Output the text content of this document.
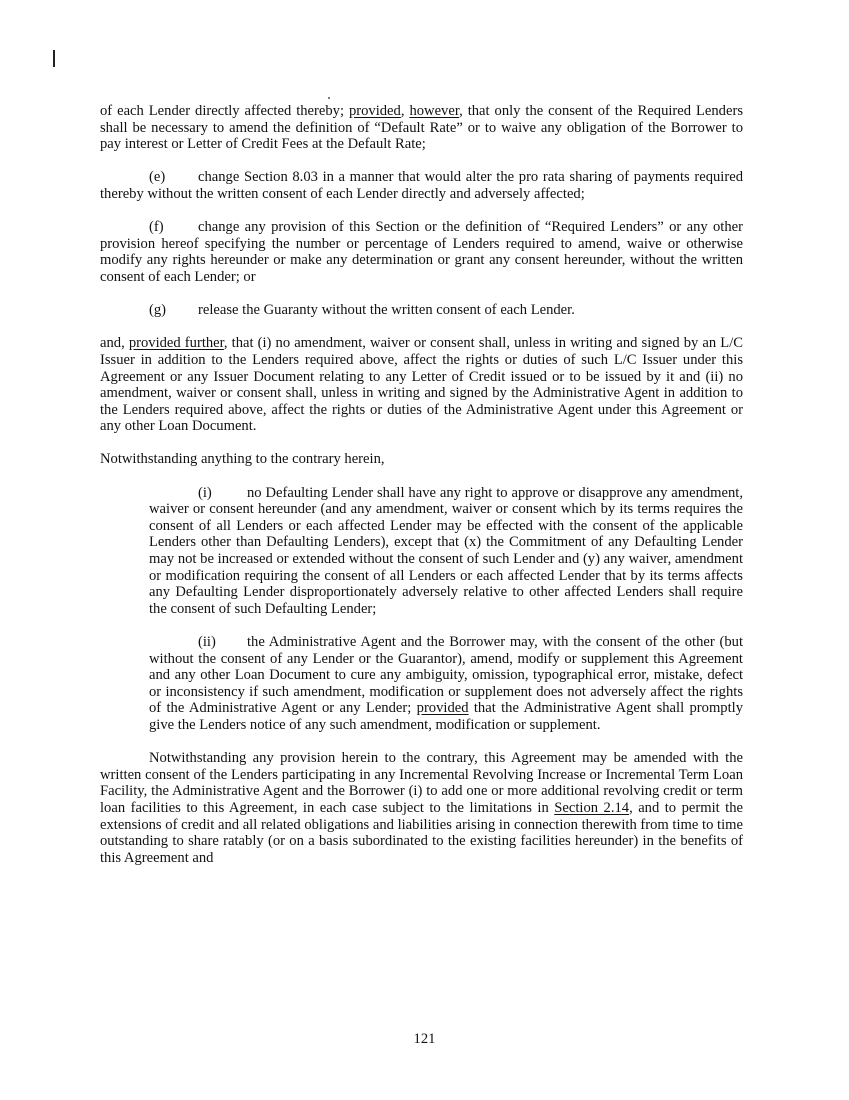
of each Lender directly affected thereby; provided, however, that only the consent of the Required Lenders shall be necessary to amend the definition of “Default Rate” or to waive any obligation of the Borrower to pay interest or Letter of Credit Fees at the Default Rate;

(e) change Section 8.03 in a manner that would alter the pro rata sharing of payments required thereby without the written consent of each Lender directly and adversely affected;

(f) change any provision of this Section or the definition of “Required Lenders” or any other provision hereof specifying the number or percentage of Lenders required to amend, waive or otherwise modify any rights hereunder or make any determination or grant any consent hereunder, without the written consent of each Lender; or

(g) release the Guaranty without the written consent of each Lender.

and, provided further, that (i) no amendment, waiver or consent shall, unless in writing and signed by an L/C Issuer in addition to the Lenders required above, affect the rights or duties of such L/C Issuer under this Agreement or any Issuer Document relating to any Letter of Credit issued or to be issued by it and (ii) no amendment, waiver or consent shall, unless in writing and signed by the Administrative Agent in addition to the Lenders required above, affect the rights or duties of the Administrative Agent under this Agreement or any other Loan Document.

Notwithstanding anything to the contrary herein,

(i) no Defaulting Lender shall have any right to approve or disapprove any amendment, waiver or consent hereunder (and any amendment, waiver or consent which by its terms requires the consent of all Lenders or each affected Lender may be effected with the consent of the applicable Lenders other than Defaulting Lenders), except that (x) the Commitment of any Defaulting Lender may not be increased or extended without the consent of such Lender and (y) any waiver, amendment or modification requiring the consent of all Lenders or each affected Lender that by its terms affects any Defaulting Lender disproportionately adversely relative to other affected Lenders shall require the consent of such Defaulting Lender;

(ii) the Administrative Agent and the Borrower may, with the consent of the other (but without the consent of any Lender or the Guarantor), amend, modify or supplement this Agreement and any other Loan Document to cure any ambiguity, omission, typographical error, mistake, defect or inconsistency if such amendment, modification or supplement does not adversely affect the rights of the Administrative Agent or any Lender; provided that the Administrative Agent shall promptly give the Lenders notice of any such amendment, modification or supplement.

Notwithstanding any provision herein to the contrary, this Agreement may be amended with the written consent of the Lenders participating in any Incremental Revolving Increase or Incremental Term Loan Facility, the Administrative Agent and the Borrower (i) to add one or more additional revolving credit or term loan facilities to this Agreement, in each case subject to the limitations in Section 2.14, and to permit the extensions of credit and all related obligations and liabilities arising in connection therewith from time to time outstanding to share ratably (or on a basis subordinated to the existing facilities hereunder) in the benefits of this Agreement and

121
